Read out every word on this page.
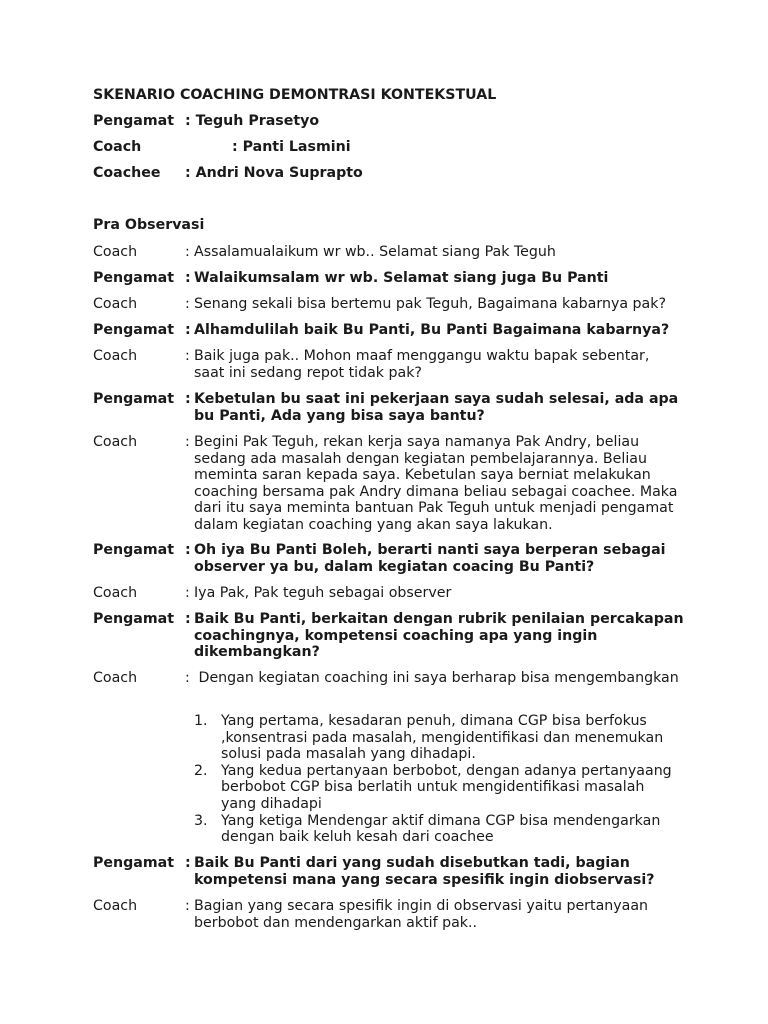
SKENARIO COACHING DEMONTRASI KONTEKSTUAL
Pengamat : Teguh Prasetyo
Coach	: Panti Lasmini
Coachee : Andri Nova Suprapto
Pra Observasi
Coach	: Assalamualaikum wr wb.. Selamat siang Pak Teguh
Pengamat : Walaikumsalam wr wb. Selamat siang juga Bu Panti
Coach	: Senang sekali bisa bertemu pak Teguh, Bagaimana kabarnya pak?
Pengamat : Alhamdulilah baik Bu Panti, Bu Panti Bagaimana kabarnya?
Coach	: Baik juga pak.. Mohon maaf menggangu waktu bapak sebentar, saat ini sedang repot tidak pak?
Pengamat : Kebetulan bu saat ini pekerjaan saya sudah selesai, ada apa bu Panti, Ada yang bisa saya bantu?
Coach	: Begini Pak Teguh, rekan kerja saya namanya Pak Andry, beliau sedang ada masalah dengan kegiatan pembelajarannya. Beliau meminta saran kepada saya. Kebetulan saya berniat melakukan coaching bersama pak Andry dimana beliau sebagai coachee. Maka dari itu saya meminta bantuan Pak Teguh untuk menjadi pengamat dalam kegiatan coaching yang akan saya lakukan.
Pengamat : Oh iya Bu Panti Boleh, berarti nanti saya berperan sebagai observer ya bu, dalam kegiatan coacing Bu Panti?
Coach	: Iya Pak, Pak teguh sebagai observer
Pengamat : Baik Bu Panti, berkaitan dengan rubrik penilaian percakapan coachingnya, kompetensi coaching apa yang ingin dikembangkan?
Coach	: Dengan kegiatan coaching ini saya berharap bisa mengembangkan
1. Yang pertama, kesadaran penuh, dimana CGP bisa berfokus ,konsentrasi pada masalah, mengidentifikasi dan menemukan solusi pada masalah yang dihadapi.
2. Yang kedua pertanyaan berbobot, dengan adanya pertanyaang berbobot CGP bisa berlatih untuk mengidentifikasi masalah yang dihadapi
3. Yang ketiga Mendengar aktif dimana CGP bisa mendengarkan dengan baik keluh kesah dari coachee
Pengamat : Baik Bu Panti dari yang sudah disebutkan tadi, bagian kompetensi mana yang secara spesifik ingin diobservasi?
Coach	: Bagian yang secara spesifik ingin di observasi yaitu pertanyaan berbobot dan mendengarkan aktif pak..
